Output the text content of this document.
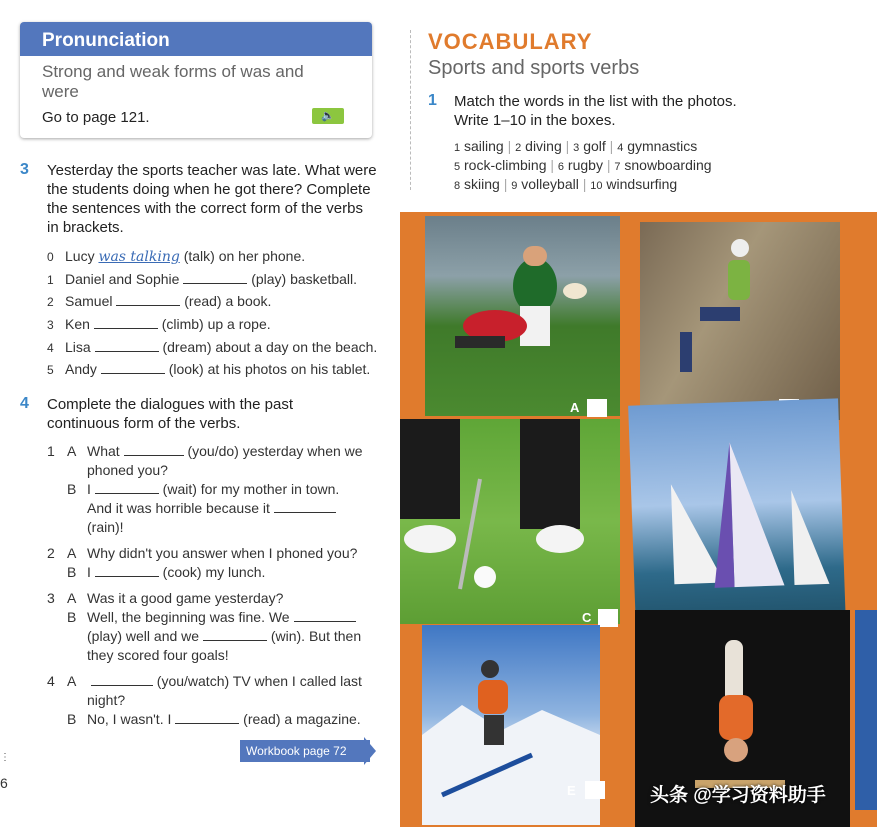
Pronunciation
Strong and weak forms of was and were
Go to page 121.	🔈
3 Yesterday the sports teacher was late. What were the students doing when he got there? Complete the sentences with the correct form of the verbs in brackets.
0 Lucy was talking (talk) on her phone.
1 Daniel and Sophie	(play) basketball.
2 Samuel	(read) a book.
3 Ken	(climb) up a rope.
4 Lisa	(dream) about a day on the beach.
5 Andy	(look) at his photos on his tablet.
4 Complete the dialogues with the past continuous form of the verbs.
1 A What	(you/do) yesterday when we
phoned you?
B I	(wait) for my mother in town.
And it was horrible because it
(rain)!
2 A Why didn't you answer when I phoned you?
B I	(cook) my lunch.
3 A Was it a good game yesterday?
B Well, the beginning was fine. We
(play) well and we	(win). But then
they scored four goals!
4 A	(you/watch) TV when I called last
night?
B No, I wasn't. I	(read) a magazine.
Workbook page 72
⋮
6
VOCABULARY
Sports and sports verbs
1 Match the words in the list with the photos. Write 1–10 in the boxes.
1 sailing | 2 diving | 3 golf | 4 gymnastics
5 rock-climbing | 6 rugby | 7 snowboarding
8 skiing | 9 volleyball | 10 windsurfing
A
C
E	头条 @学习资料助手
